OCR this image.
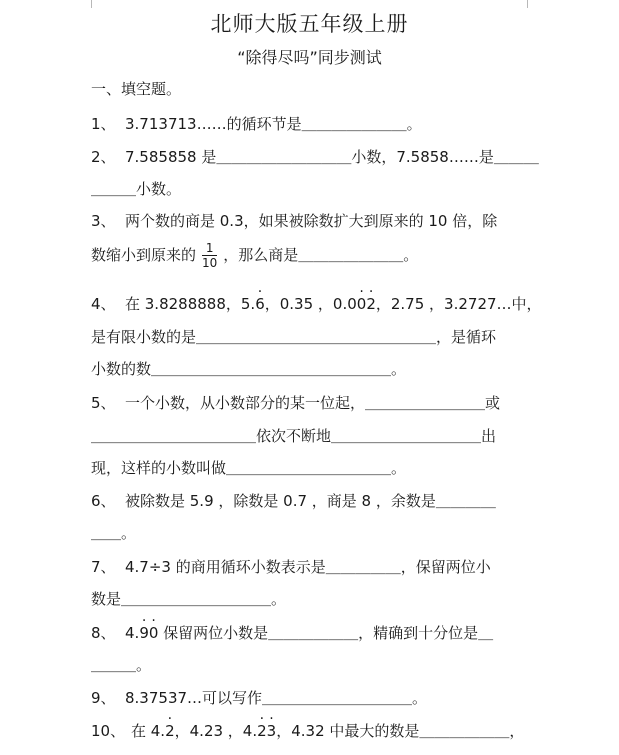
北师大版五年级上册
“除得尽吗”同步测试
一、填空题。
1、 3.713713……的循环节是＿＿＿＿＿＿＿。
2、 7.585858 是＿＿＿＿＿＿＿＿＿小数，7.5858……是＿＿＿
＿＿＿小数。
3、 两个数的商是 0.3，如果被除数扩大到原来的 10 倍，除
数缩小到原来的 $\frac{1}{10}$ ，那么商是＿＿＿＿＿＿＿。
4、 在 3.8288888，5.· 6，0.35 ，0.0· 0· 2，2.75 ，3.2727…中，
是有限小数的是＿＿＿＿＿＿＿＿＿＿＿＿＿＿＿＿，是循环
小数的数＿＿＿＿＿＿＿＿＿＿＿＿＿＿＿＿。
5、 一个小数，从小数部分的某一位起，＿＿＿＿＿＿＿＿或
＿＿＿＿＿＿＿＿＿＿＿依次不断地＿＿＿＿＿＿＿＿＿＿出
现，这样的小数叫做＿＿＿＿＿＿＿＿＿＿＿。
6、 被除数是 5.9 ，除数是 0.7 ，商是 8 ，余数是＿＿＿＿
＿＿。
7、 4.7÷3 的商用循环小数表示是＿＿＿＿＿，保留两位小
数是＿＿＿＿＿＿＿＿＿＿。
8、 4.· 9· 0 保留两位小数是＿＿＿＿＿＿，精确到十分位是＿
＿＿＿。
9、 8.37537…可以写作＿＿＿＿＿＿＿＿＿＿。
10、 在 4.· 2，4.23 ，4.· 2· 3，4.32 中最大的数是＿＿＿＿＿＿，
